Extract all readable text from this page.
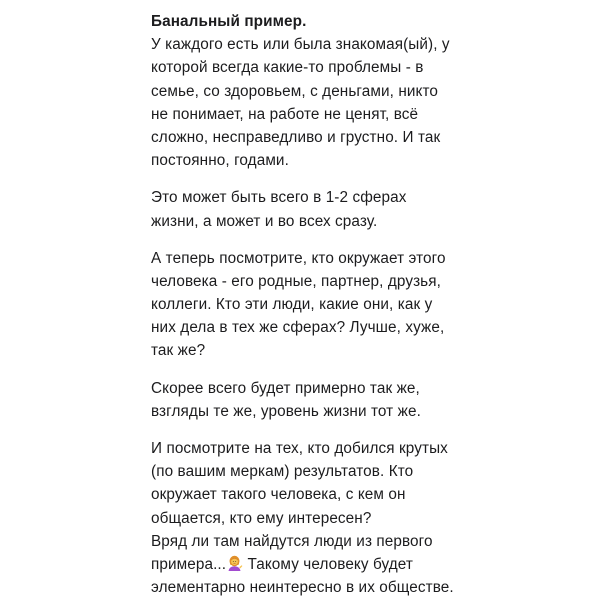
Банальный пример.
У каждого есть или была знакомая(ый), у
которой всегда какие-то проблемы - в
семье, со здоровьем, с деньгами, никто
не понимает, на работе не ценят, всё
сложно, несправедливо и грустно. И так
постоянно, годами.
Это может быть всего в 1-2 сферах
жизни, а может и во всех сразу.
А теперь посмотрите, кто окружает этого
человека - его родные, партнер, друзья,
коллеги. Кто эти люди, какие они, как у
них дела в тех же сферах? Лучше, хуже,
так же?
Скорее всего будет примерно так же,
взгляды те же, уровень жизни тот же.
И посмотрите на тех, кто добился крутых
(по вашим меркам) результатов. Кто
окружает такого человека, с кем он
общается, кто ему интересен?
Вряд ли там найдутся люди из первого
примера... Такому человеку будет
элементарно неинтересно в их обществе.
